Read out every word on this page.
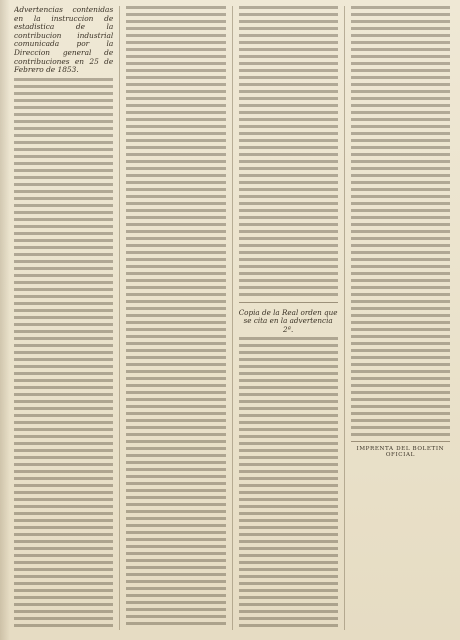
Advertencias contenidas en la instruccion de estadistica de la contribucion industrial comunicada por la Direccion general de contribuciones en 25 de Febrero de 1853.
Copia de la Real orden que se cita en la advertencia 2ª.
IMPRENTA DEL BOLETIN OFICIAL
